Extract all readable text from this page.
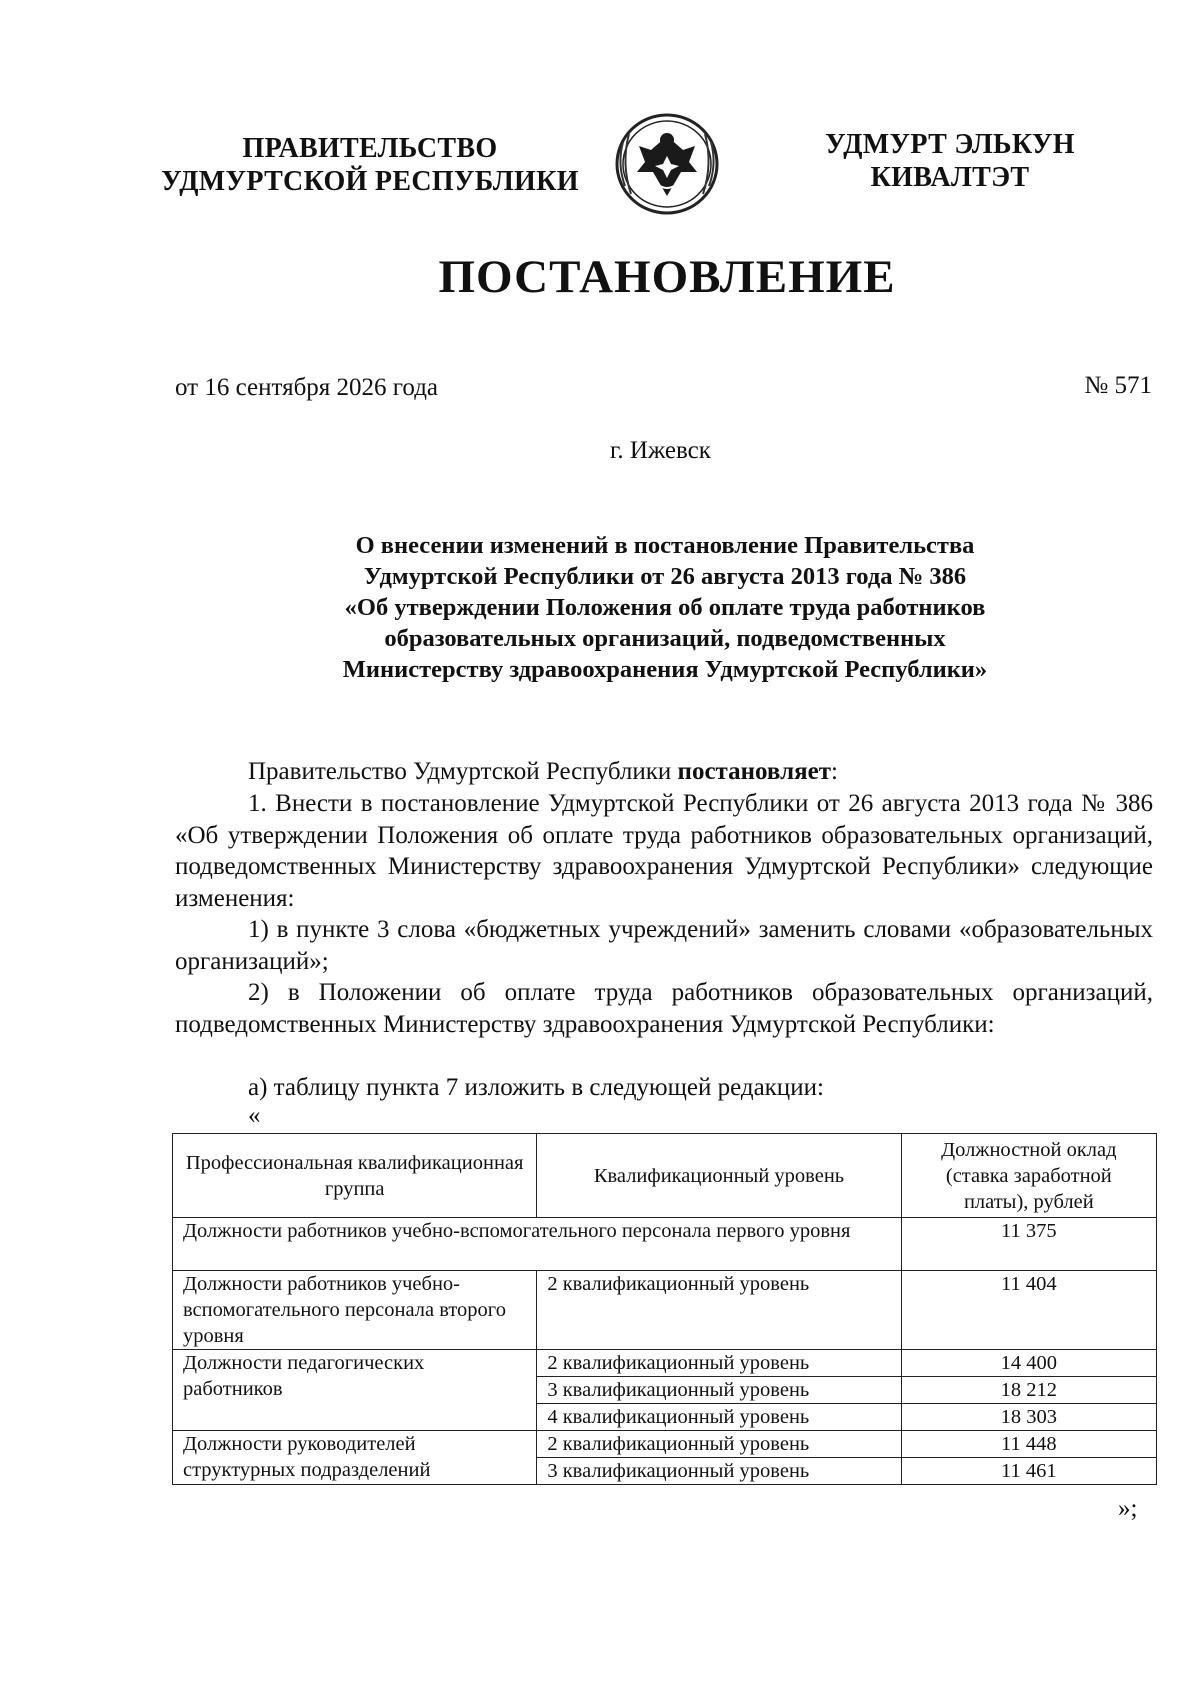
ПРАВИТЕЛЬСТВО
УДМУРТСКОЙ РЕСПУБЛИКИ
УДМУРТ ЭЛЬКУН
КИВАЛТЭТ
ПОСТАНОВЛЕНИЕ
от 16 сентября 2026 года	№ 571
г. Ижевск
О внесении изменений в постановление Правительства
Удмуртской Республики от 26 августа 2013 года № 386
«Об утверждении Положения об оплате труда работников
образовательных организаций, подведомственных
Министерству здравоохранения Удмуртской Республики»
Правительство Удмуртской Республики постановляет:
1. Внести в постановление Удмуртской Республики от 26 августа 2013 года № 386 «Об утверждении Положения об оплате труда работников образовательных организаций, подведомственных Министерству здравоохранения Удмуртской Республики» следующие изменения:
1) в пункте 3 слова «бюджетных учреждений» заменить словами «образовательных организаций»;
2) в Положении об оплате труда работников образовательных организаций, подведомственных Министерству здравоохранения Удмуртской Республики:
а) таблицу пункта 7 изложить в следующей редакции:
«
Профессиональная квалификационная группа	Квалификационный уровень	Должностной оклад (ставка заработной платы), рублей
Должности работников учебно-вспомогательного персонала первого уровня		11 375
Должности работников учебно-вспомогательного персонала второго уровня	2 квалификационный уровень	11 404
Должности педагогических работников	2 квалификационный уровень	14 400
	3 квалификационный уровень	18 212
	4 квалификационный уровень	18 303
Должности руководителей структурных подразделений	2 квалификационный уровень	11 448
	3 квалификационный уровень	11 461
»;
